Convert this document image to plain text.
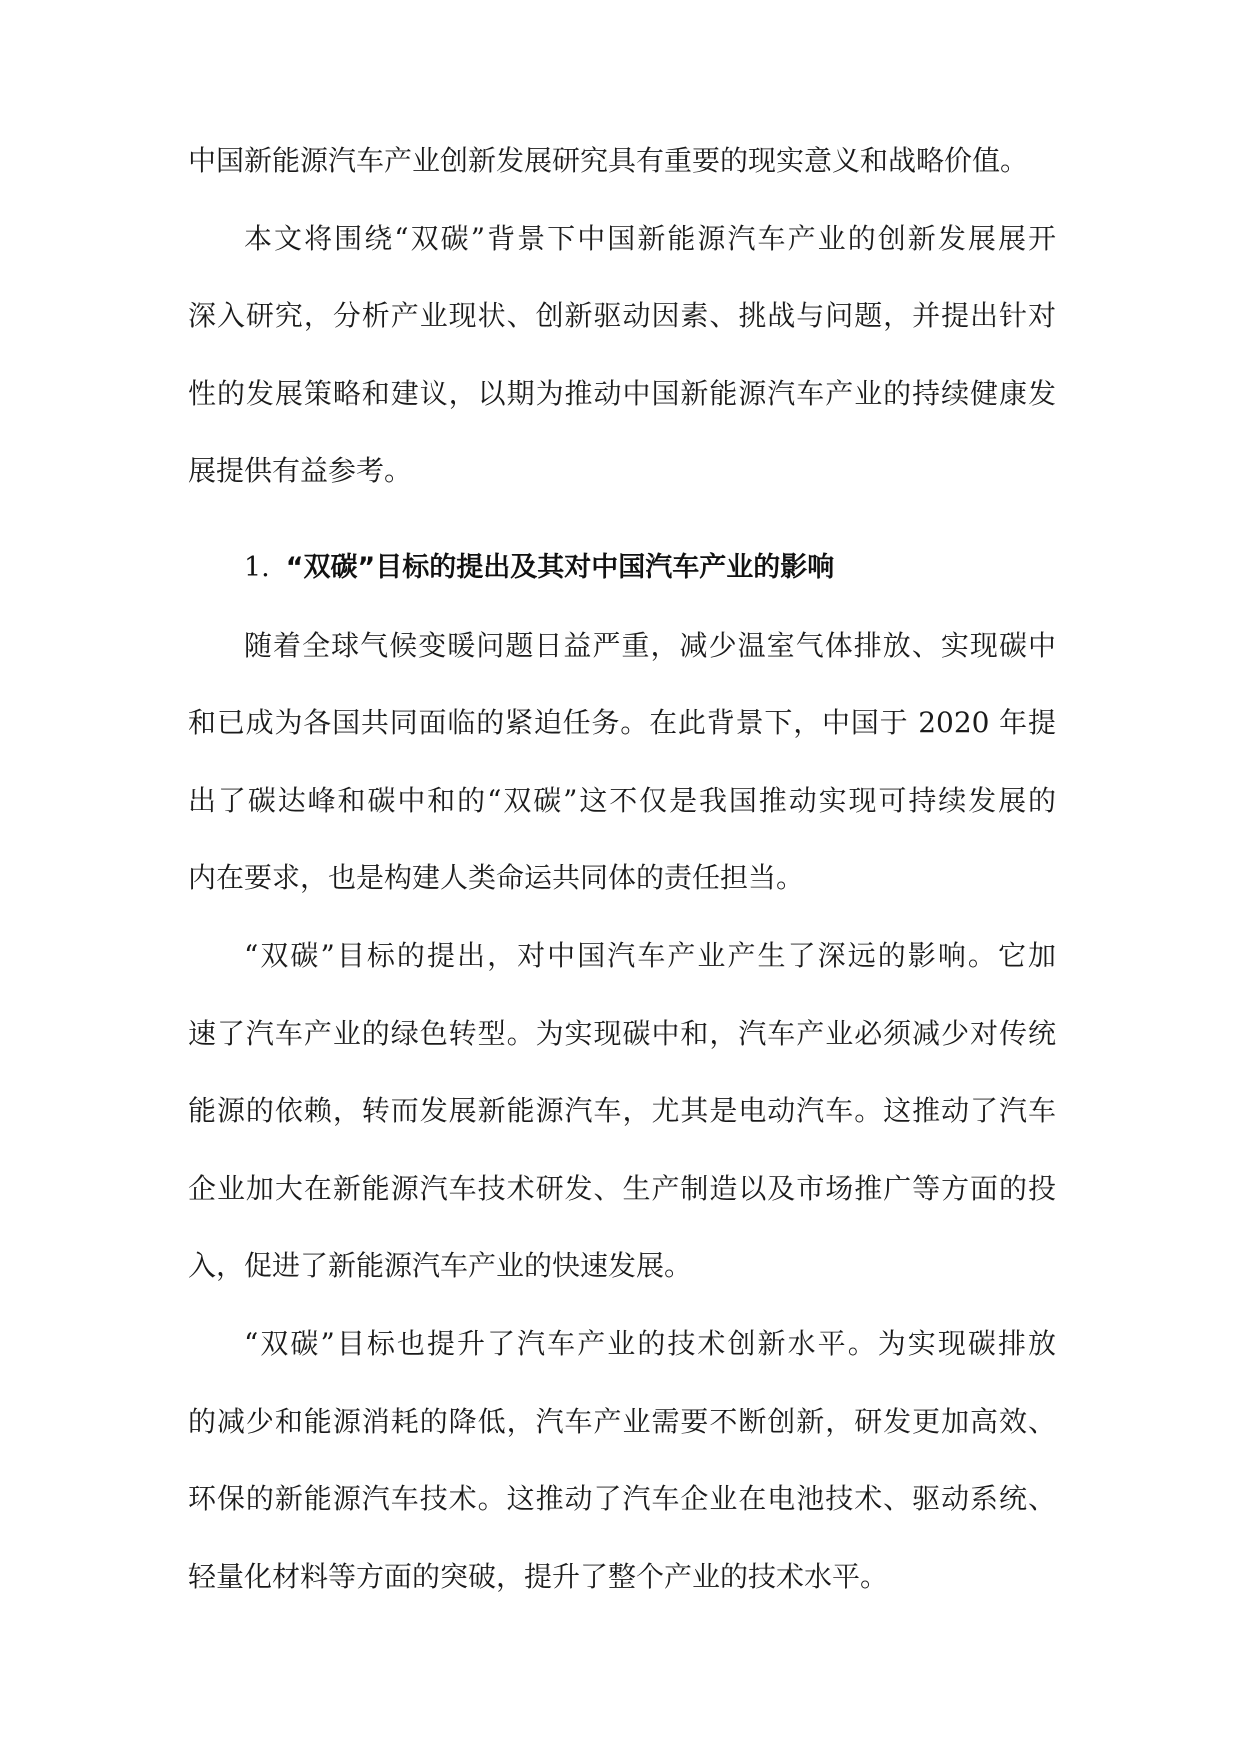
中国新能源汽车产业创新发展研究具有重要的现实意义和战略价值。
本文将围绕“双碳”背景下中国新能源汽车产业的创新发展展开
深入研究，分析产业现状、创新驱动因素、挑战与问题，并提出针对
性的发展策略和建议，以期为推动中国新能源汽车产业的持续健康发
展提供有益参考。
1. “双碳”目标的提出及其对中国汽车产业的影响
随着全球气候变暖问题日益严重，减少温室气体排放、实现碳中
和已成为各国共同面临的紧迫任务。在此背景下，中国于 2020 年提
出了碳达峰和碳中和的“双碳”这不仅是我国推动实现可持续发展的
内在要求，也是构建人类命运共同体的责任担当。
“双碳”目标的提出，对中国汽车产业产生了深远的影响。它加
速了汽车产业的绿色转型。为实现碳中和，汽车产业必须减少对传统
能源的依赖，转而发展新能源汽车，尤其是电动汽车。这推动了汽车
企业加大在新能源汽车技术研发、生产制造以及市场推广等方面的投
入，促进了新能源汽车产业的快速发展。
“双碳”目标也提升了汽车产业的技术创新水平。为实现碳排放
的减少和能源消耗的降低，汽车产业需要不断创新，研发更加高效、
环保的新能源汽车技术。这推动了汽车企业在电池技术、驱动系统、
轻量化材料等方面的突破，提升了整个产业的技术水平。
